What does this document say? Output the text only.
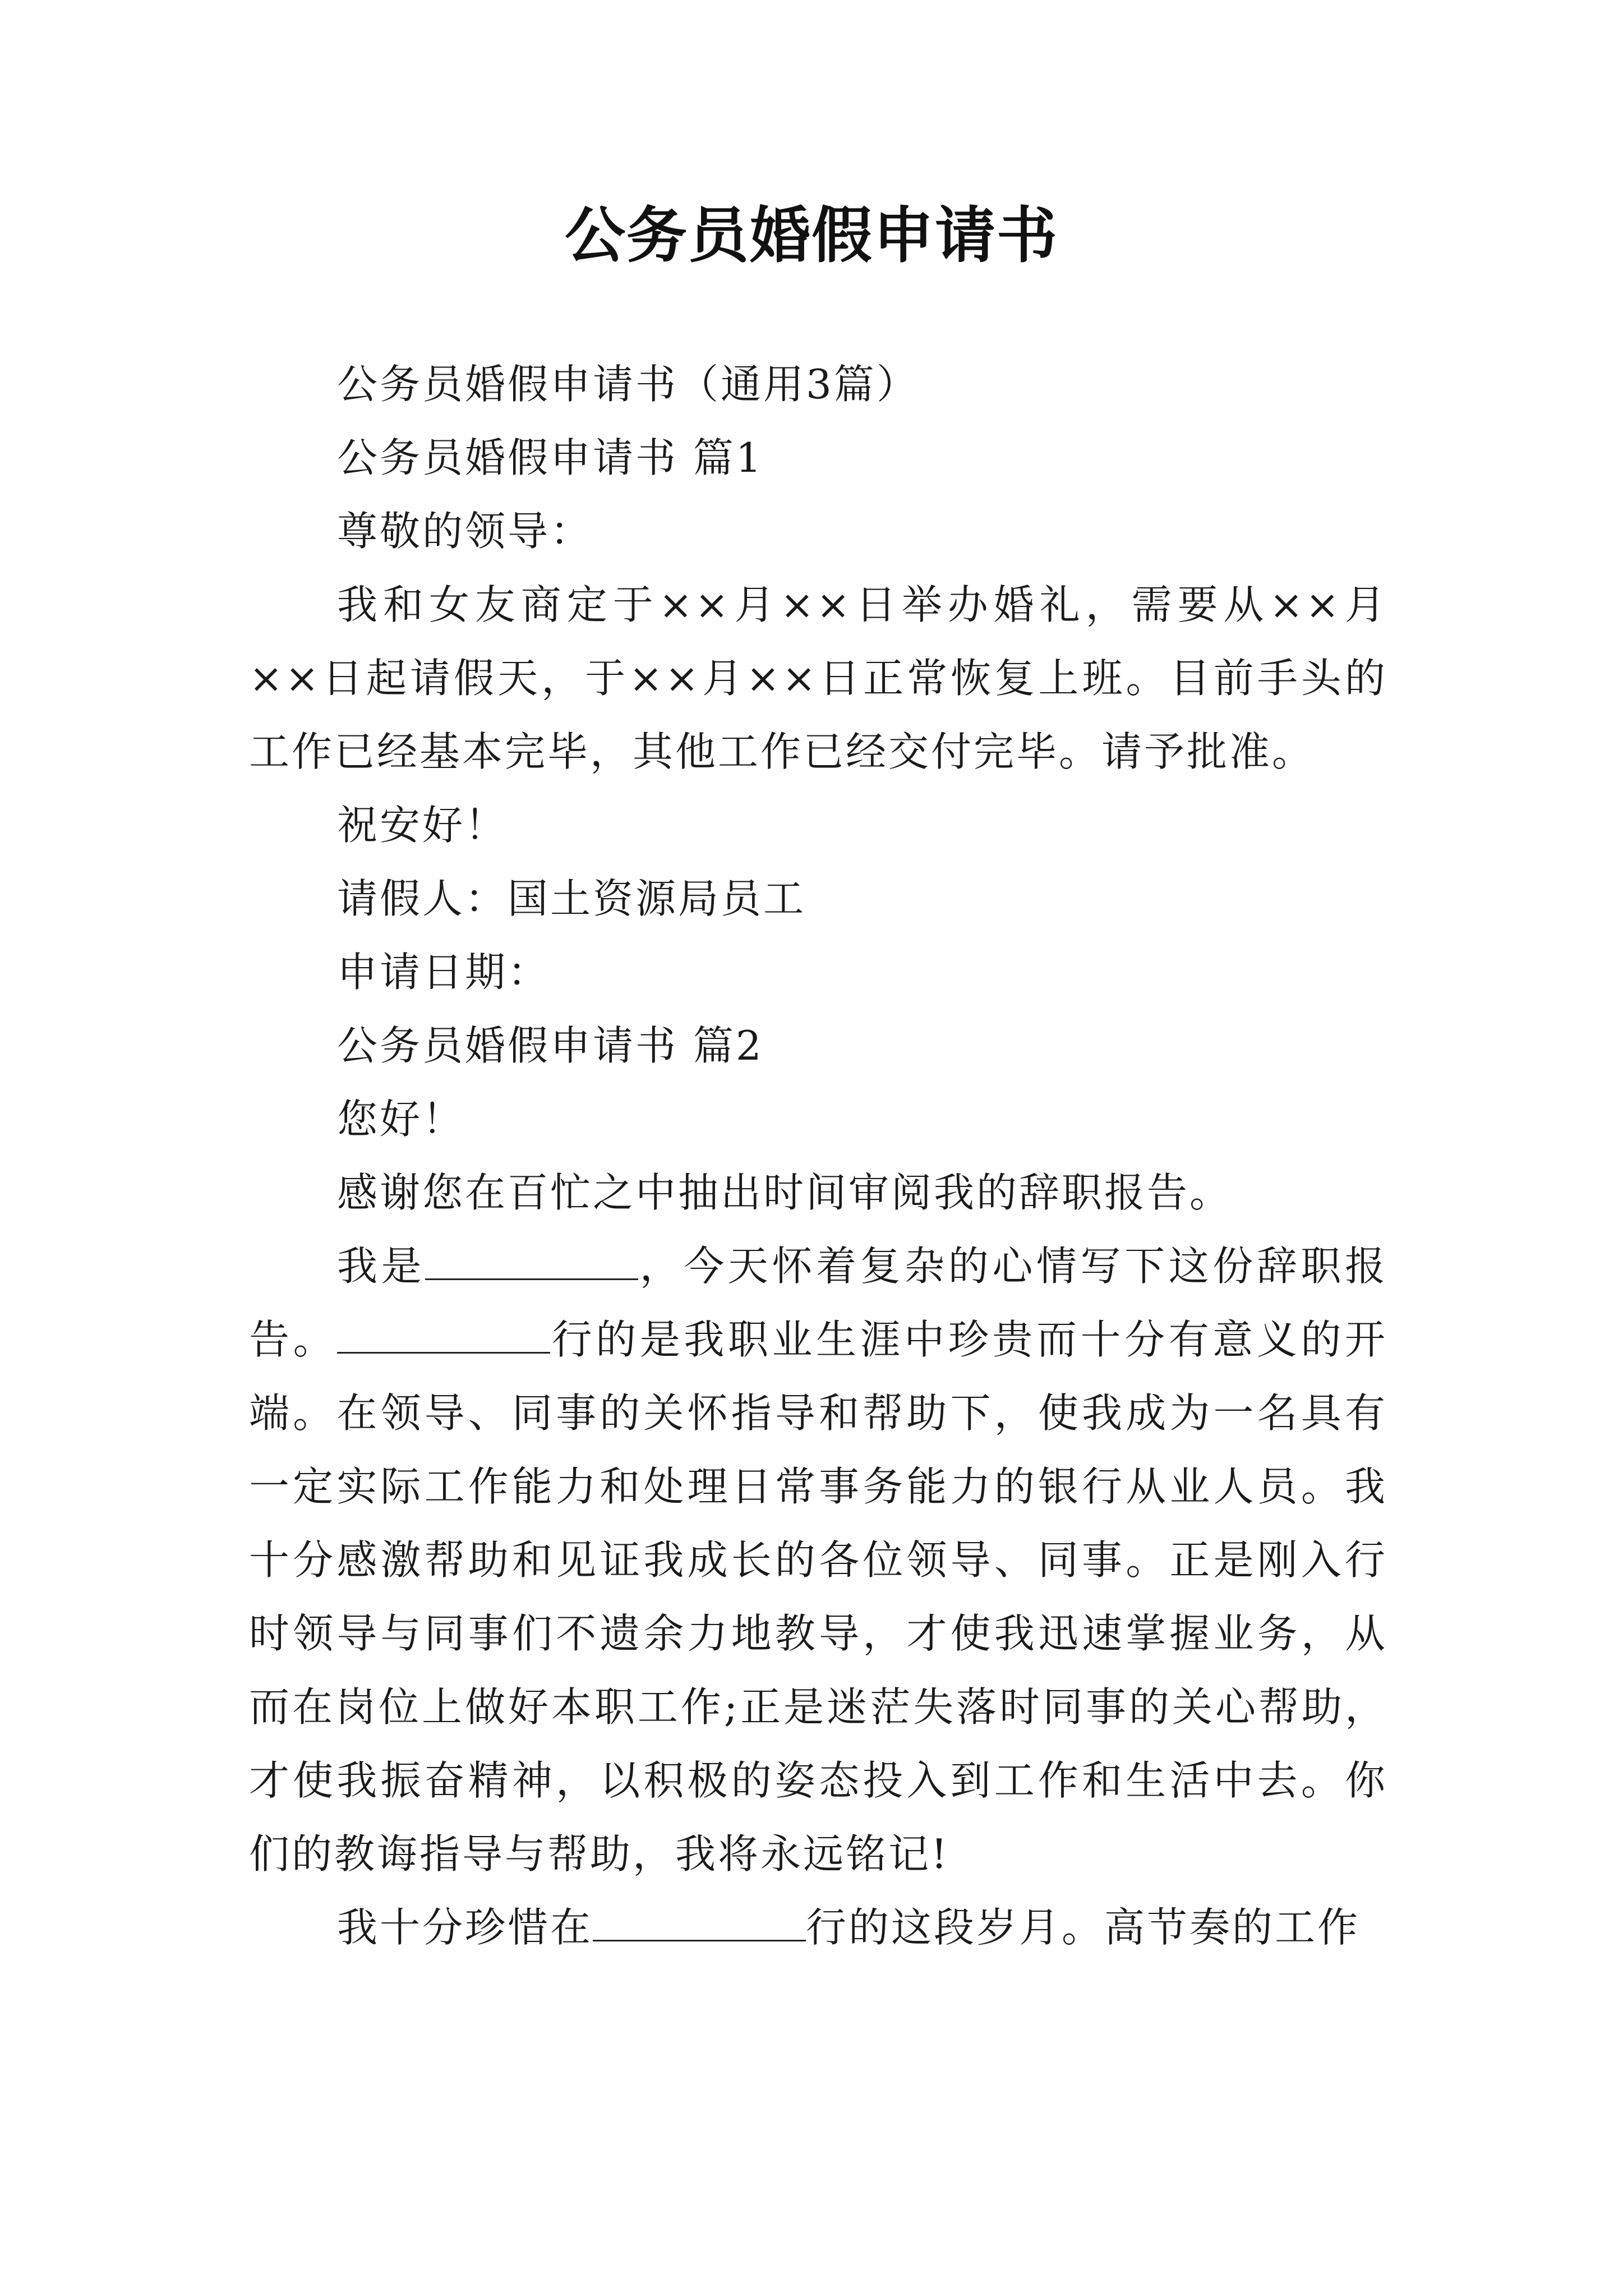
公务员婚假申请书

公务员婚假申请书（通用3篇）

公务员婚假申请书 篇1

尊敬的领导：

我和女友商定于××月××日举办婚礼，需要从××月××日起请假天，于××月××日正常恢复上班。目前手头的工作已经基本完毕，其他工作已经交付完毕。请予批准。

祝安好！

请假人：国土资源局员工

申请日期：

公务员婚假申请书 篇2

您好！

感谢您在百忙之中抽出时间审阅我的辞职报告。

我是	，今天怀着复杂的心情写下这份辞职报告。	行的是我职业生涯中珍贵而十分有意义的开端。在领导、同事的关怀指导和帮助下，使我成为一名具有一定实际工作能力和处理日常事务能力的银行从业人员。我十分感激帮助和见证我成长的各位领导、同事。正是刚入行时领导与同事们不遗余力地教导，才使我迅速掌握业务，从而在岗位上做好本职工作;正是迷茫失落时同事的关心帮助，才使我振奋精神，以积极的姿态投入到工作和生活中去。你们的教诲指导与帮助，我将永远铭记!

我十分珍惜在	行的这段岁月。高节奏的工作
